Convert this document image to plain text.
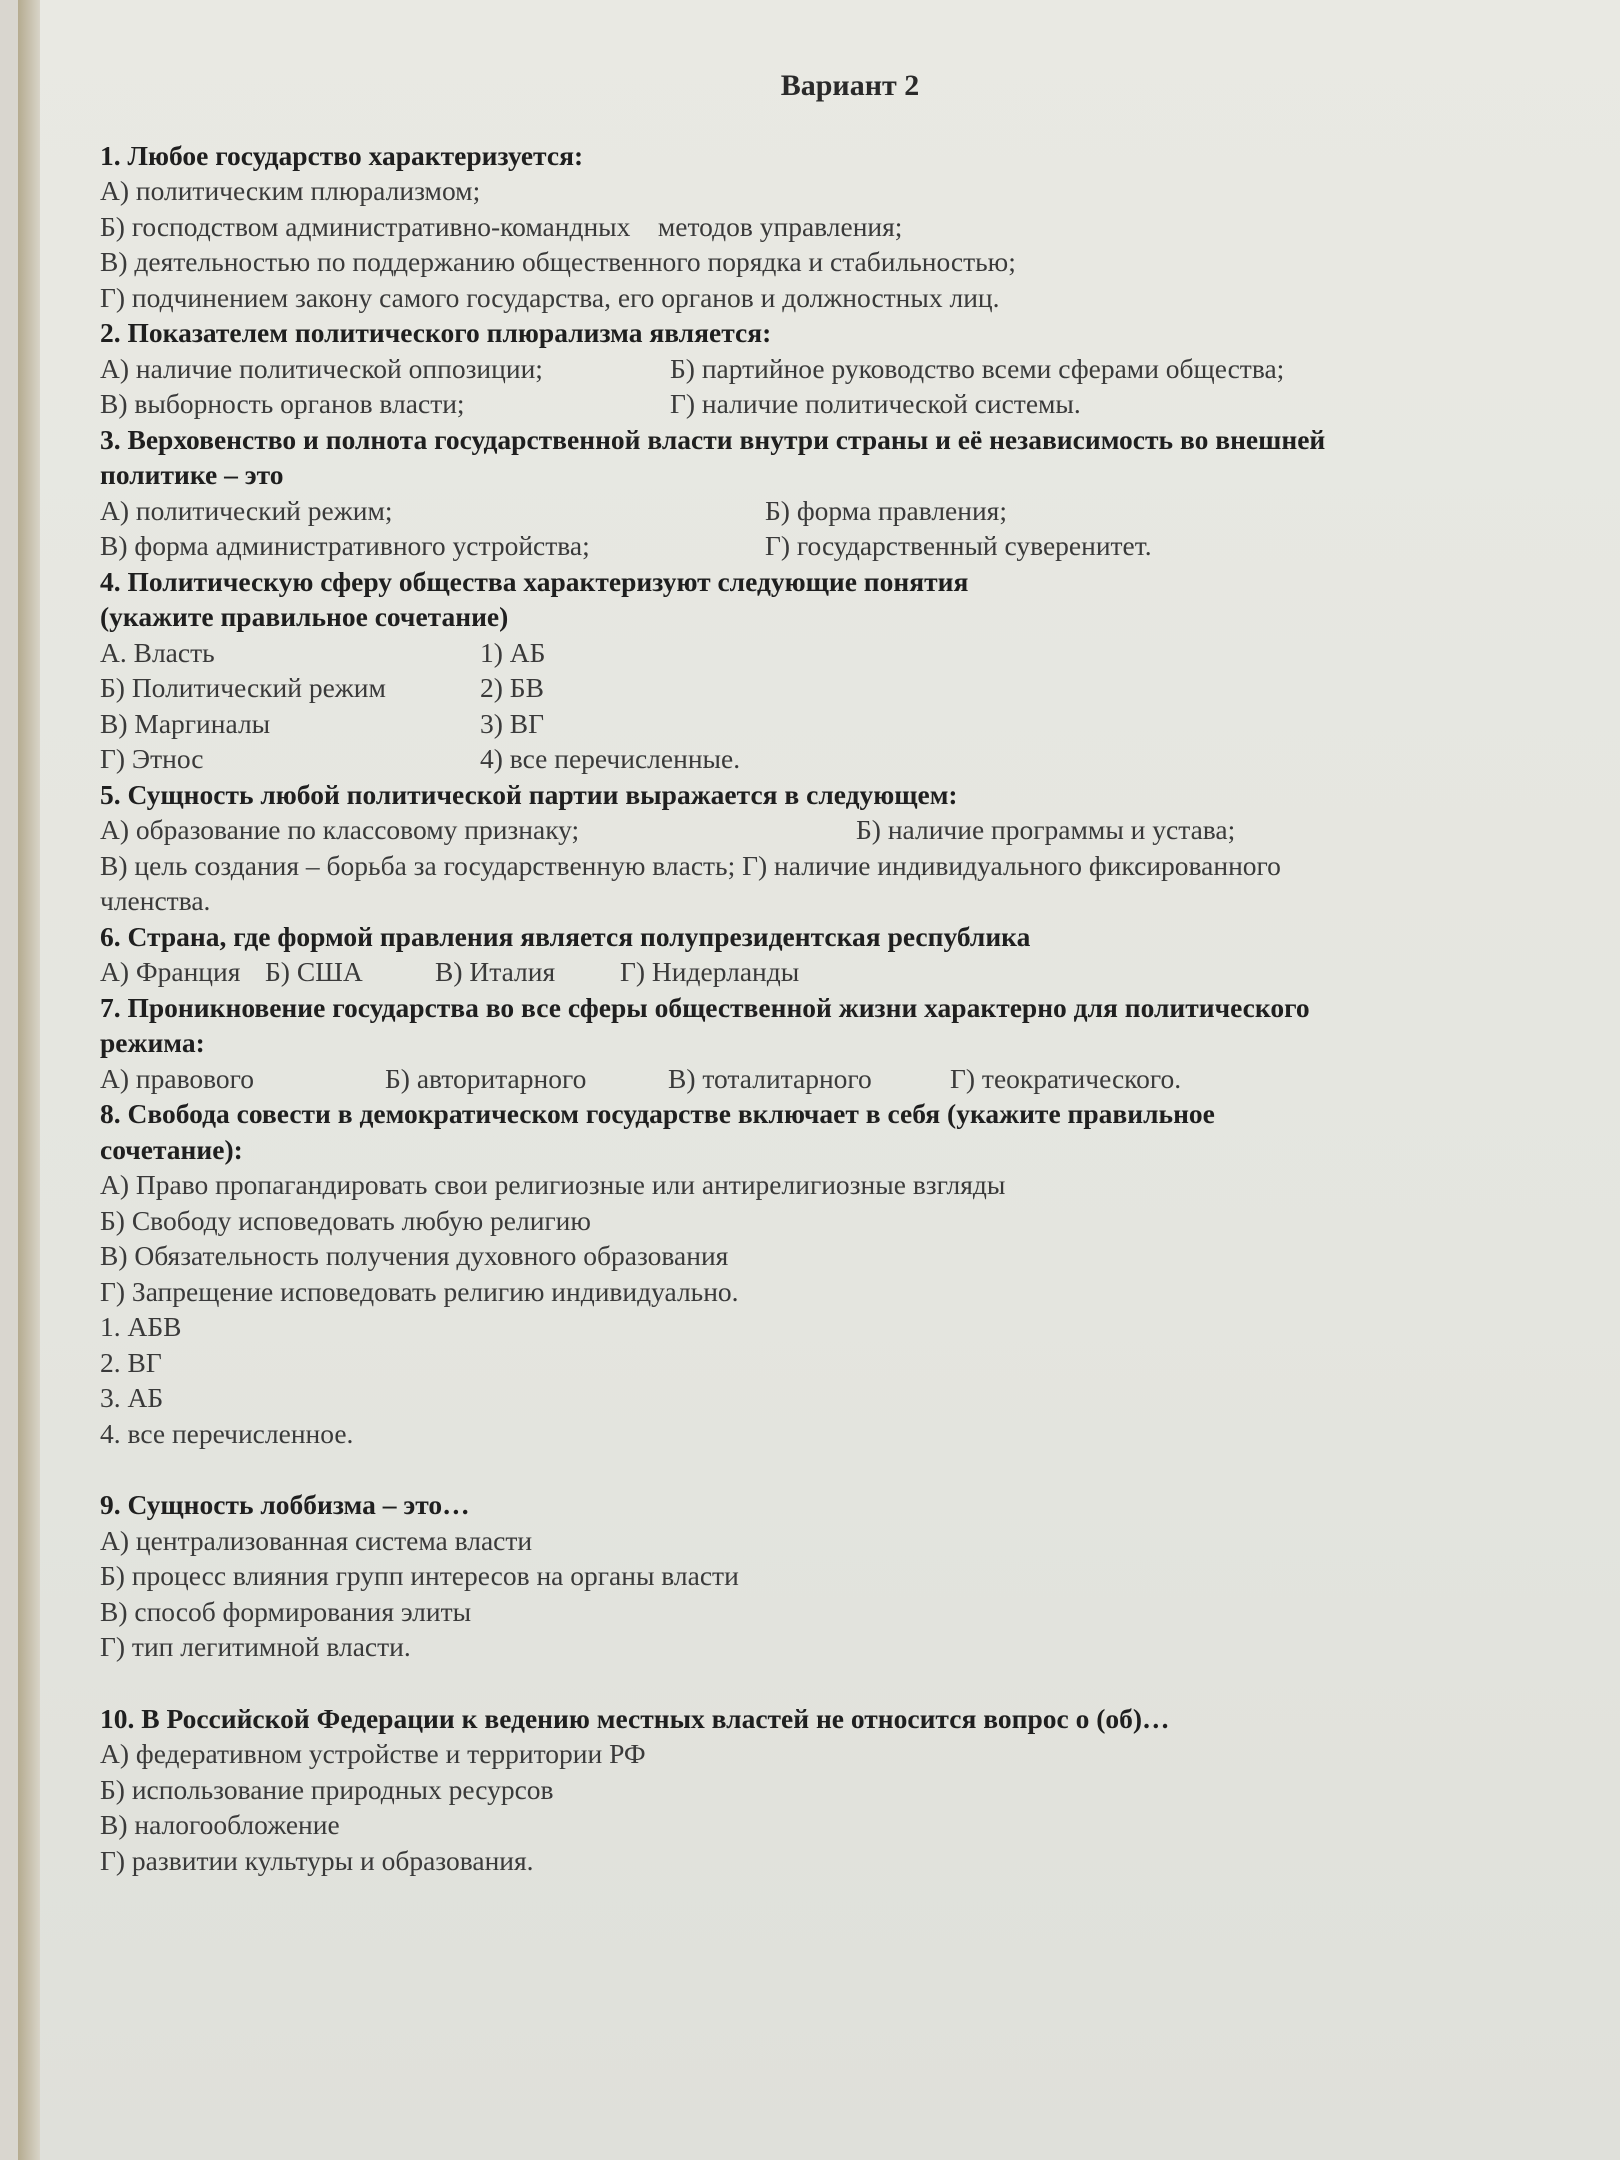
Вариант 2
1. Любое государство характеризуется:
А) политическим плюрализмом;
Б) господством административно-командных    методов управления;
В) деятельностью по поддержанию общественного порядка и стабильностью;
Г) подчинением закону самого государства, его органов и должностных лиц.
2. Показателем политического плюрализма является:
А) наличие политической оппозиции;	Б) партийное руководство всеми сферами общества;
В) выборность органов власти;	Г) наличие политической системы.
3. Верховенство и полнота государственной власти внутри страны и её независимость во внешней
политике – это
А) политический режим;	Б) форма правления;
В) форма административного устройства;	Г) государственный суверенитет.
4. Политическую сферу общества характеризуют следующие понятия
(укажите правильное сочетание)
А. Власть	1) АБ
Б) Политический режим	2) БВ
В) Маргиналы	3) ВГ
Г) Этнос	4) все перечисленные.
5. Сущность любой политической партии выражается в следующем:
А) образование по классовому признаку;	Б) наличие программы и устава;
В) цель создания – борьба за государственную власть; Г) наличие индивидуального фиксированного
членства.
6. Страна, где формой правления является полупрезидентская республика
А) Франция Б) США	В) Италия	Г) Нидерланды
7. Проникновение государства во все сферы общественной жизни характерно для политического
режима:
А) правового	Б) авторитарного	В) тоталитарного	Г) теократического.
8. Свобода совести в демократическом государстве включает в себя (укажите правильное
сочетание):
А) Право пропагандировать свои религиозные или антирелигиозные взгляды
Б) Свободу исповедовать любую религию
В) Обязательность получения духовного образования
Г) Запрещение исповедовать религию индивидуально.
1. АБВ
2. ВГ
3. АБ
4. все перечисленное.
9. Сущность лоббизма – это…
А) централизованная система власти
Б) процесс влияния групп интересов на органы власти
В) способ формирования элиты
Г) тип легитимной власти.
10. В Российской Федерации к ведению местных властей не относится вопрос о (об)…
А) федеративном устройстве и территории РФ
Б) использование природных ресурсов
В) налогообложение
Г) развитии культуры и образования.
